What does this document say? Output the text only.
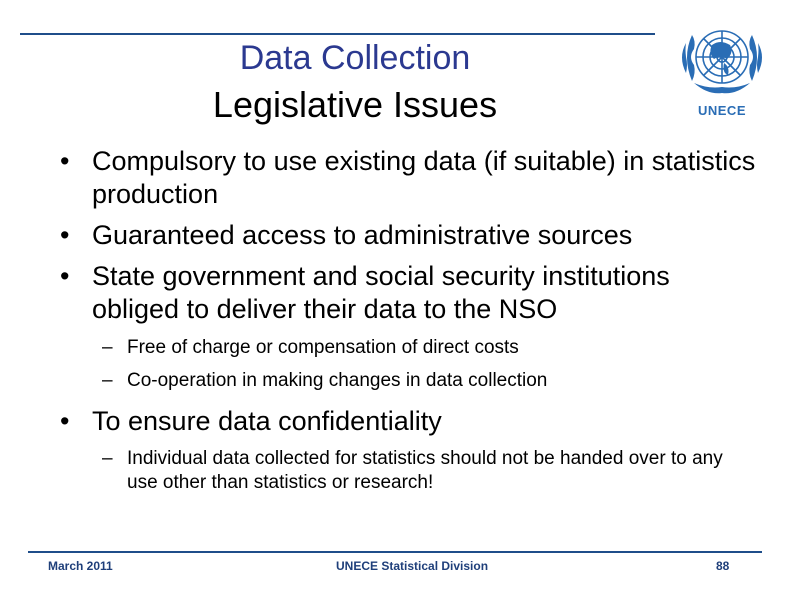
Data Collection
Legislative Issues	UNECE
• Compulsory to use existing data (if suitable) in statistics production
• Guaranteed access to administrative sources
• State government and social security institutions obliged to deliver their data to the NSO
– Free of charge or compensation of direct costs
– Co-operation in making changes in data collection
• To ensure data confidentiality
– Individual data collected for statistics should not be handed over to any use other than statistics or research!
March 2011	UNECE Statistical Division	88
